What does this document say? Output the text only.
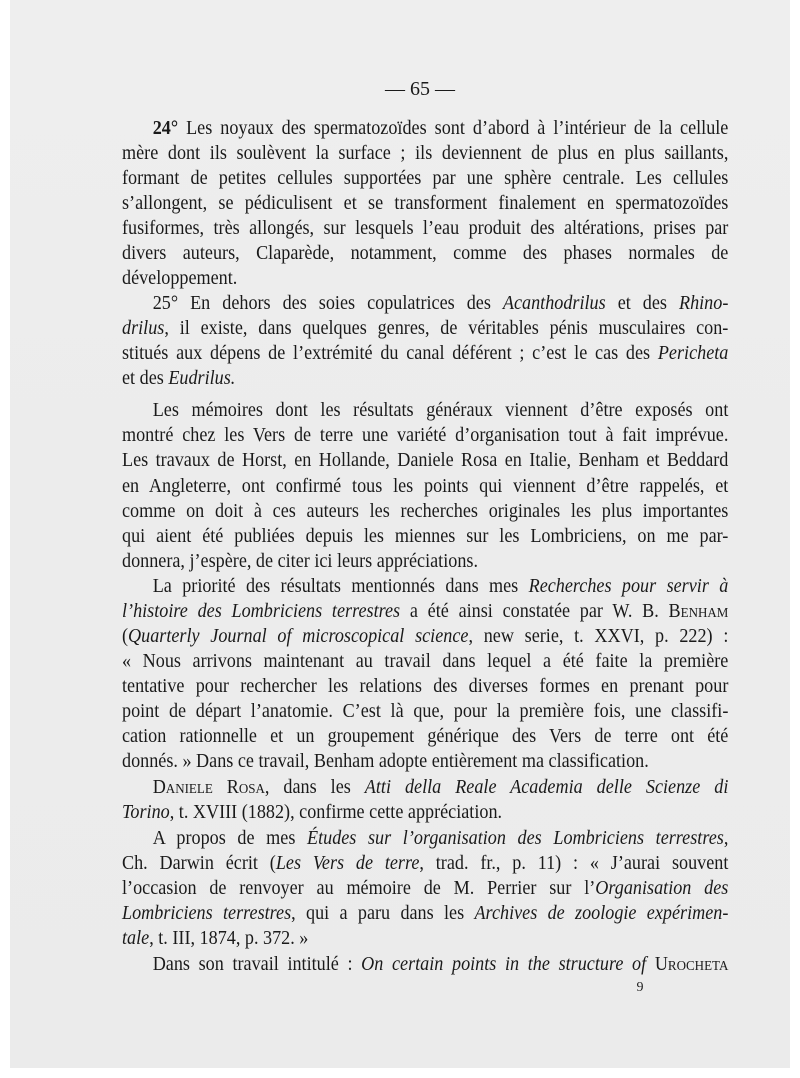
— 65 —
24° Les noyaux des spermatozoïdes sont d’abord à l’intérieur de la cellule
mère dont ils soulèvent la surface ; ils deviennent de plus en plus saillants,
formant de petites cellules supportées par une sphère centrale. Les cellules
s’allongent, se pédiculisent et se transforment finalement en spermatozoïdes
fusiformes, très allongés, sur lesquels l’eau produit des altérations, prises par
divers auteurs, Claparède, notamment, comme des phases normales de
développement.
25° En dehors des soies copulatrices des Acanthodrilus et des Rhino-
drilus, il existe, dans quelques genres, de véritables pénis musculaires con-
stitués aux dépens de l’extrémité du canal déférent ; c’est le cas des Pericheta
et des Eudrilus.
Les mémoires dont les résultats généraux viennent d’être exposés ont
montré chez les Vers de terre une variété d’organisation tout à fait imprévue.
Les travaux de Horst, en Hollande, Daniele Rosa en Italie, Benham et Beddard
en Angleterre, ont confirmé tous les points qui viennent d’être rappelés, et
comme on doit à ces auteurs les recherches originales les plus importantes
qui aient été publiées depuis les miennes sur les Lombriciens, on me par-
donnera, j’espère, de citer ici leurs appréciations.
La priorité des résultats mentionnés dans mes Recherches pour servir à
l’histoire des Lombriciens terrestres a été ainsi constatée par W. B. Benham
(Quarterly Journal of microscopical science, new serie, t. XXVI, p. 222) :
« Nous arrivons maintenant au travail dans lequel a été faite la première
tentative pour rechercher les relations des diverses formes en prenant pour
point de départ l’anatomie. C’est là que, pour la première fois, une classifi-
cation rationnelle et un groupement générique des Vers de terre ont été
donnés. » Dans ce travail, Benham adopte entièrement ma classification.
Daniele Rosa, dans les Atti della Reale Academia delle Scienze di
Torino, t. XVIII (1882), confirme cette appréciation.
A propos de mes Études sur l’organisation des Lombriciens terrestres,
Ch. Darwin écrit (Les Vers de terre, trad. fr., p. 11) : « J’aurai souvent
l’occasion de renvoyer au mémoire de M. Perrier sur l’Organisation des
Lombriciens terrestres, qui a paru dans les Archives de zoologie expérimen-
tale, t. III, 1874, p. 372. »
Dans son travail intitulé : On certain points in the structure of Urocheta
9
